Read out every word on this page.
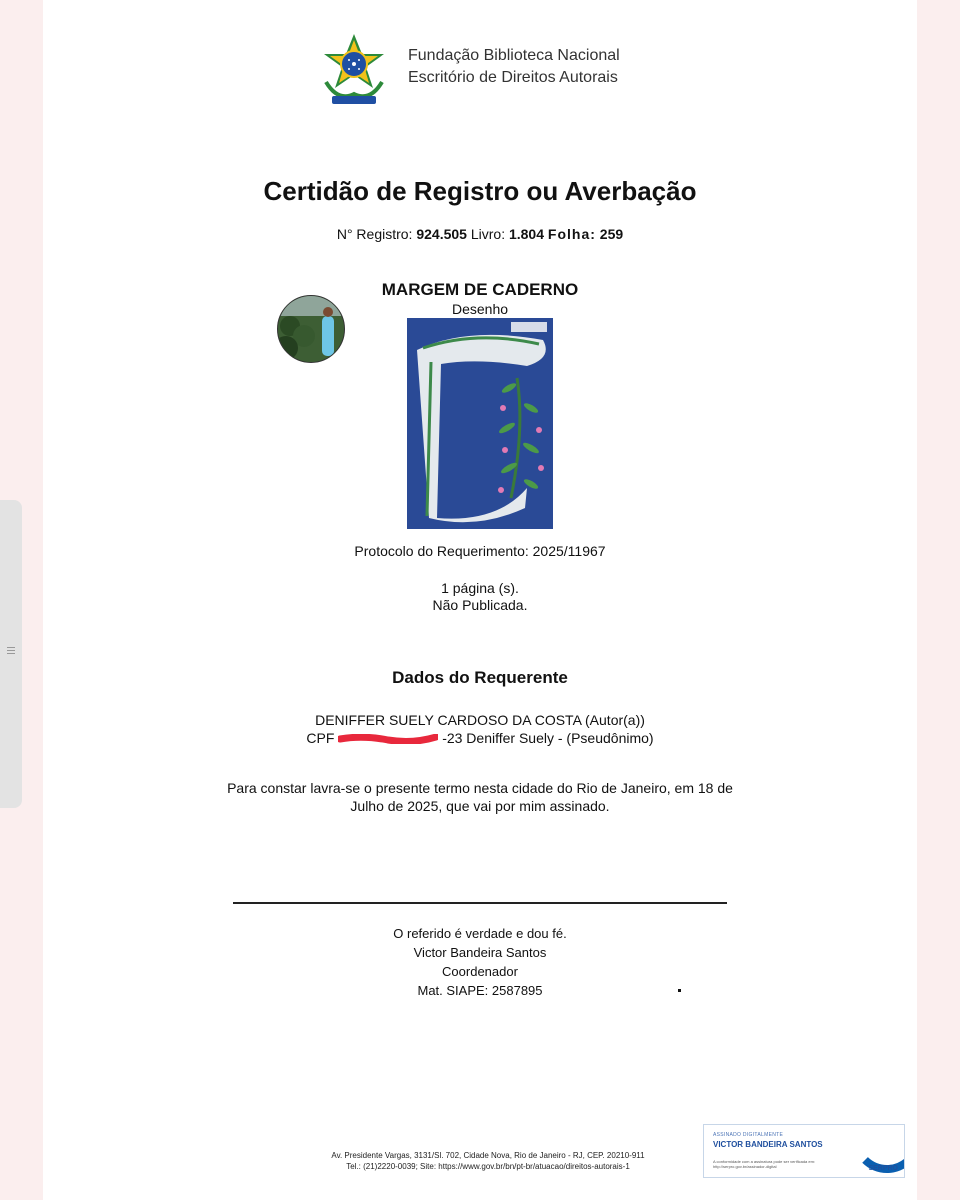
Fundação Biblioteca Nacional
Escritório de Direitos Autorais
Certidão de Registro ou Averbação
N° Registro: 924.505 Livro: 1.804 Folha: 259
MARGEM DE CADERNO
Desenho
Protocolo do Requerimento: 2025/11967
1 página (s).
Não Publicada.
Dados do Requerente
DENIFFER SUELY CARDOSO DA COSTA (Autor(a))
CPF	-23 Deniffer Suely - (Pseudônimo)
Para constar lavra-se o presente termo nesta cidade do Rio de Janeiro, em 18 de Julho de 2025, que vai por mim assinado.
O referido é verdade e dou fé.
Victor Bandeira Santos
Coordenador
Mat. SIAPE: 2587895
Av. Presidente Vargas, 3131/Sl. 702, Cidade Nova, Rio de Janeiro - RJ, CEP. 20210-911
Tel.: (21)2220-0039; Site: https://www.gov.br/bn/pt-br/atuacao/direitos-autorais-1
ASSINADO DIGITALMENTE
VICTOR BANDEIRA SANTOS
A conformidade com a assinatura pode ser verificada em: http://serpro.gov.br/assinador-digital	SERPRO
